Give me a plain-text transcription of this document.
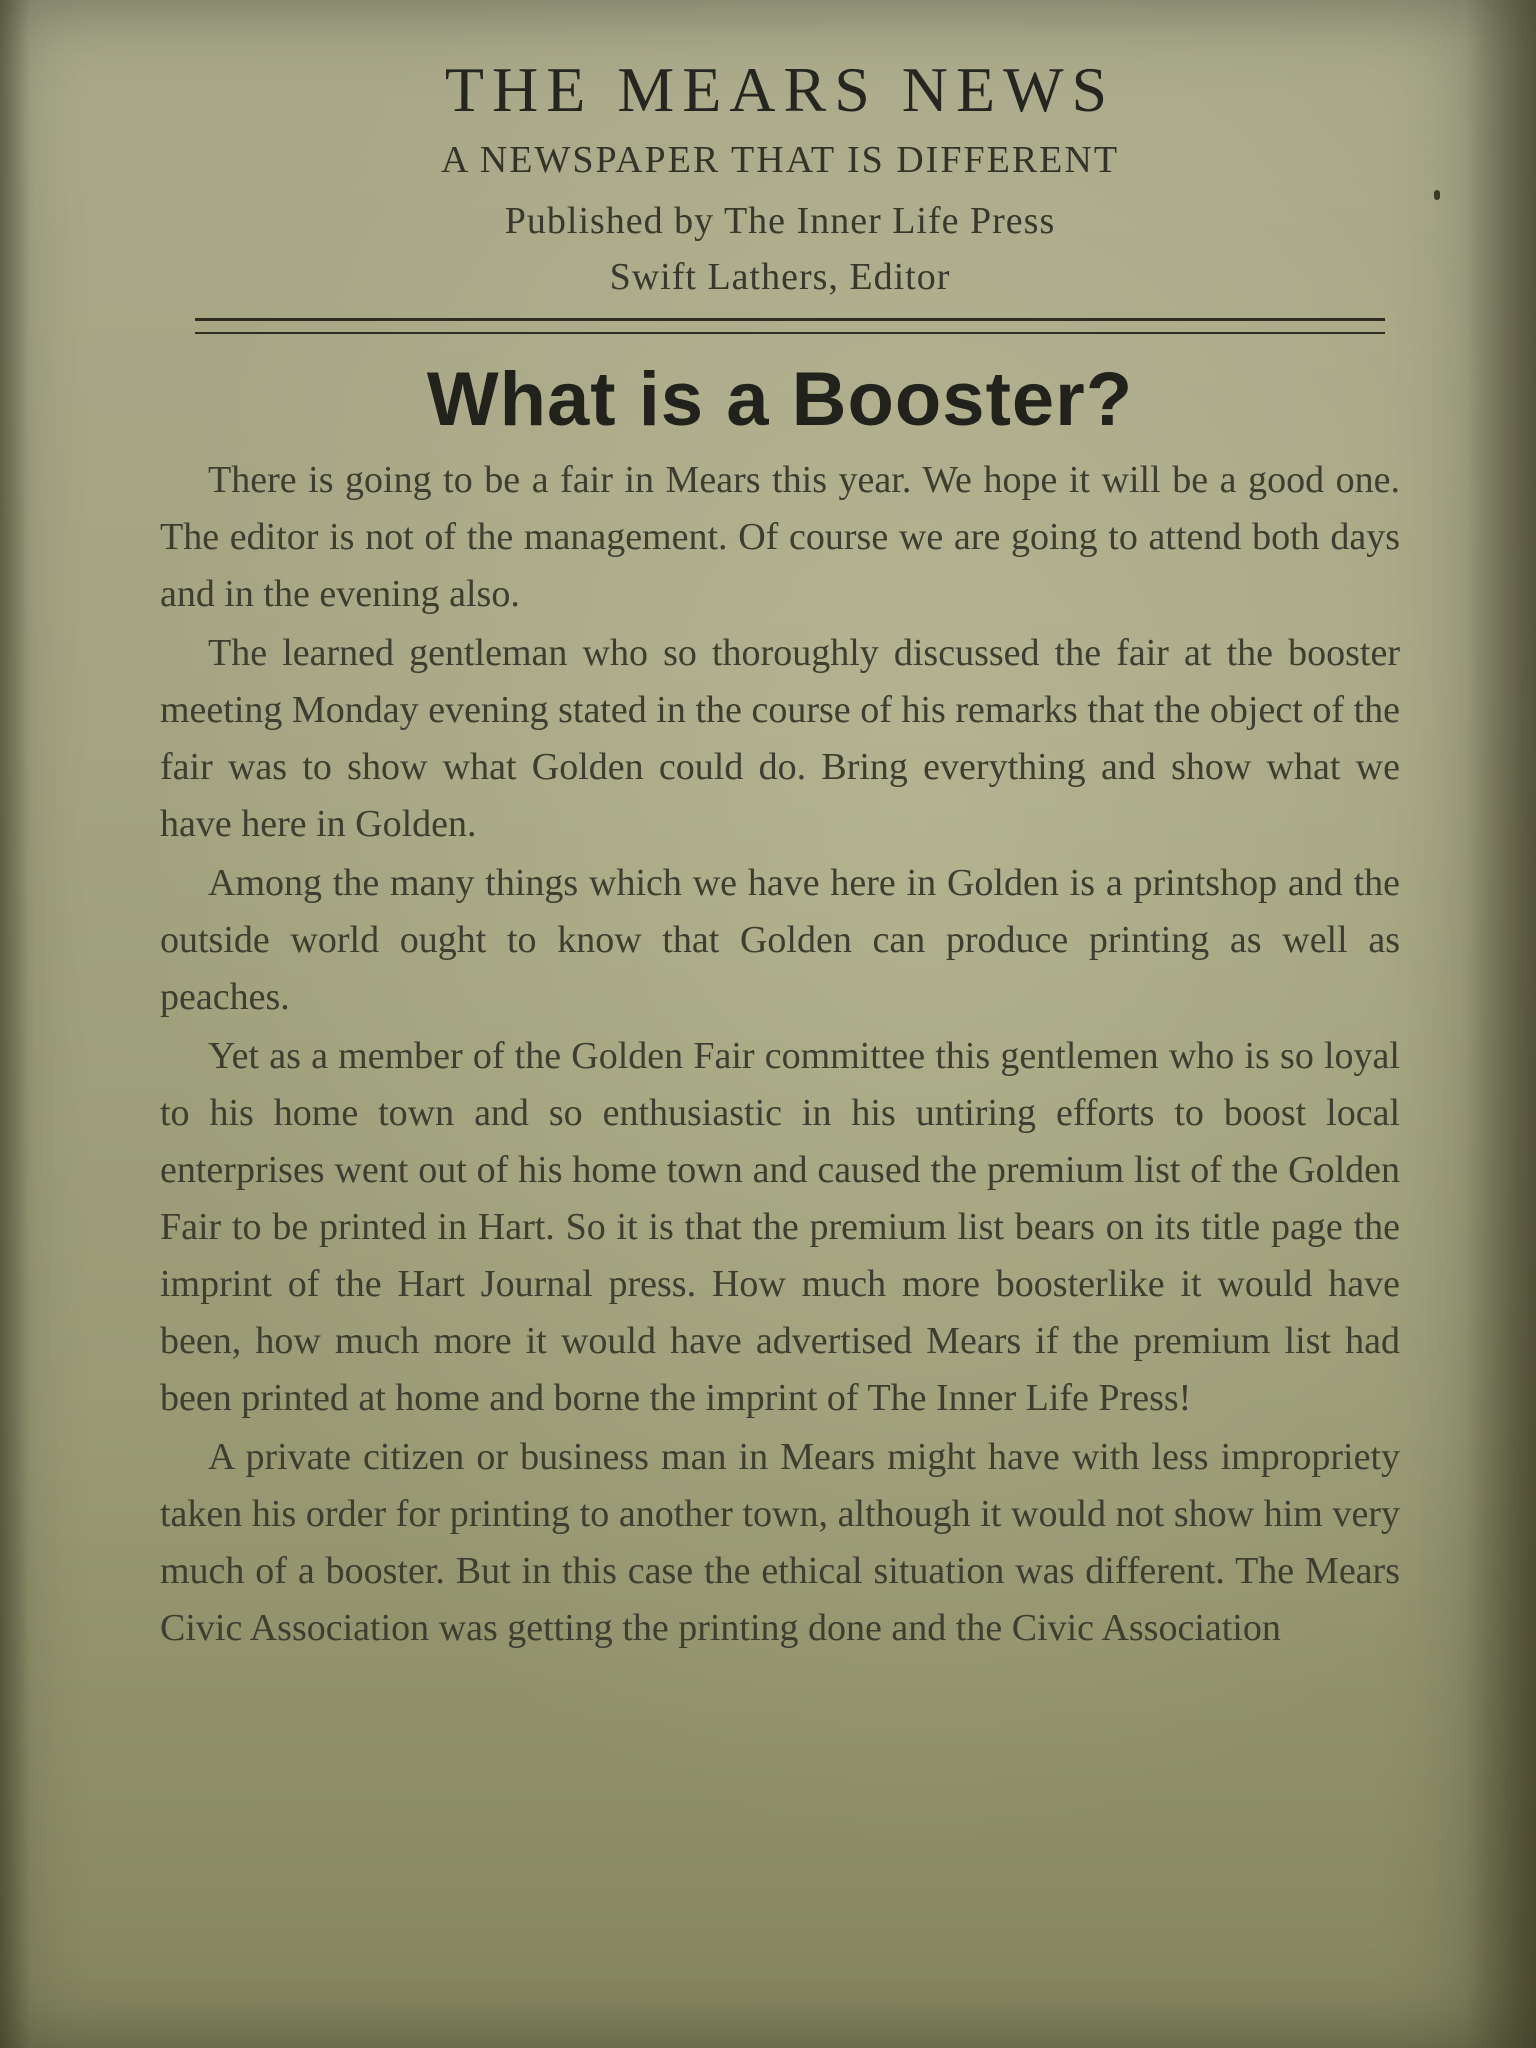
THE MEARS NEWS
A NEWSPAPER THAT IS DIFFERENT
Published by The Inner Life Press
Swift Lathers, Editor
What is a Booster?

There is going to be a fair in Mears this year. We hope it will be a good one. The editor is not of the management. Of course we are going to attend both days and in the evening also.

The learned gentleman who so thoroughly discussed the fair at the booster meeting Monday evening stated in the course of his remarks that the object of the fair was to show what Golden could do. Bring everything and show what we have here in Golden.

Among the many things which we have here in Golden is a printshop and the outside world ought to know that Golden can produce printing as well as peaches.

Yet as a member of the Golden Fair committee this gentlemen who is so loyal to his home town and so enthusiastic in his untiring efforts to boost local enterprises went out of his home town and caused the premium list of the Golden Fair to be printed in Hart. So it is that the premium list bears on its title page the imprint of the Hart Journal press. How much more boosterlike it would have been, how much more it would have advertised Mears if the premium list had been printed at home and borne the imprint of The Inner Life Press!

A private citizen or business man in Mears might have with less impropriety taken his order for printing to another town, although it would not show him very much of a booster. But in this case the ethical situation was different. The Mears Civic Association was getting the printing done and the Civic Association
